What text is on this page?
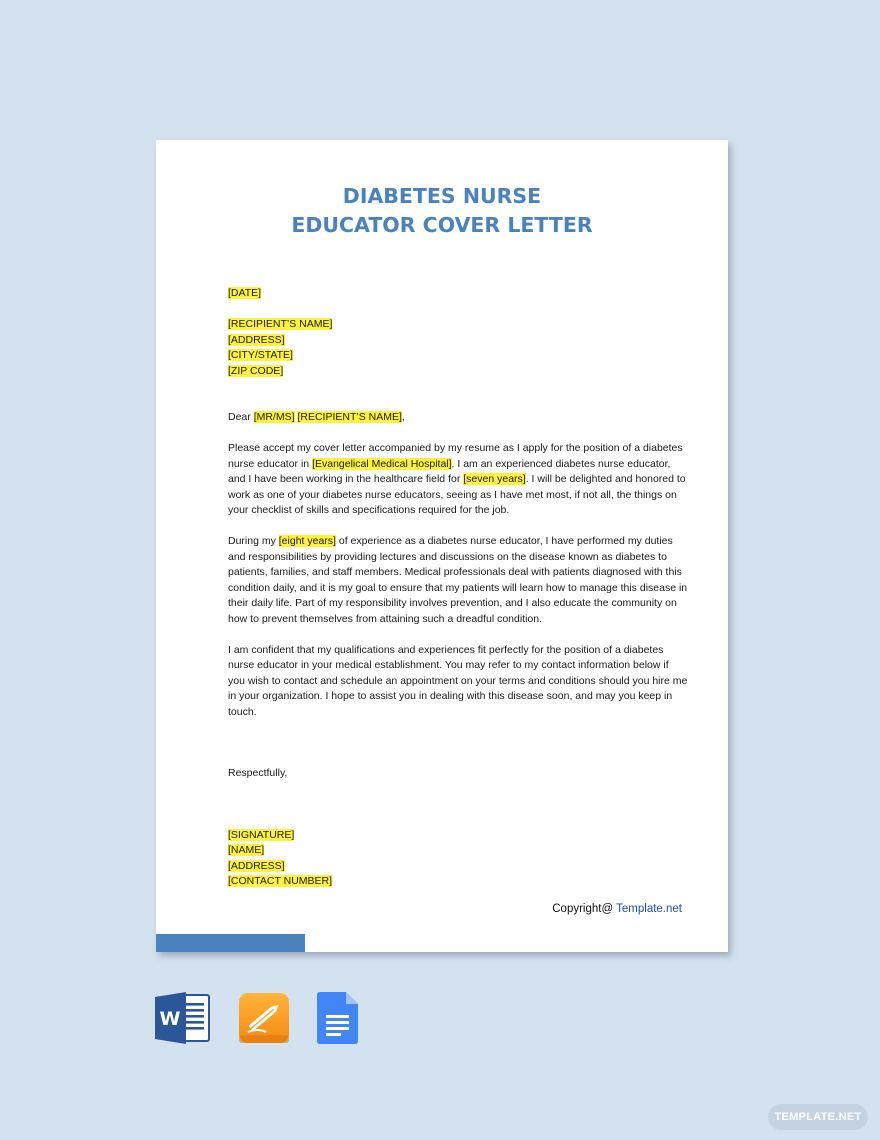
DIABETES NURSE
EDUCATOR COVER LETTER

[DATE]

[RECIPIENT’S NAME]

[ADDRESS]

[CITY/STATE]

[ZIP CODE]

Dear [MR/MS] [RECIPIENT’S NAME],

Please accept my cover letter accompanied by my resume as I apply for the position of a diabetes nurse educator in [Evangelical Medical Hospital]. I am an experienced diabetes nurse educator, and I have been working in the healthcare field for [seven years]. I will be delighted and honored to work as one of your diabetes nurse educators, seeing as I have met most, if not all, the things on your checklist of skills and specifications required for the job.

During my [eight years] of experience as a diabetes nurse educator, I have performed my duties and responsibilities by providing lectures and discussions on the disease known as diabetes to patients, families, and staff members. Medical professionals deal with patients diagnosed with this condition daily, and it is my goal to ensure that my patients will learn how to manage this disease in their daily life. Part of my responsibility involves prevention, and I also educate the community on how to prevent themselves from attaining such a dreadful condition.

I am confident that my qualifications and experiences fit perfectly for the position of a diabetes nurse educator in your medical establishment. You may refer to my contact information below if you wish to contact and schedule an appointment on your terms and conditions should you hire me in your organization. I hope to assist you in dealing with this disease soon, and may you keep in touch.

Respectfully,

[SIGNATURE]

[NAME]

[ADDRESS]

[CONTACT NUMBER]

Copyright@ Template.net
W
TEMPLATE.NET
